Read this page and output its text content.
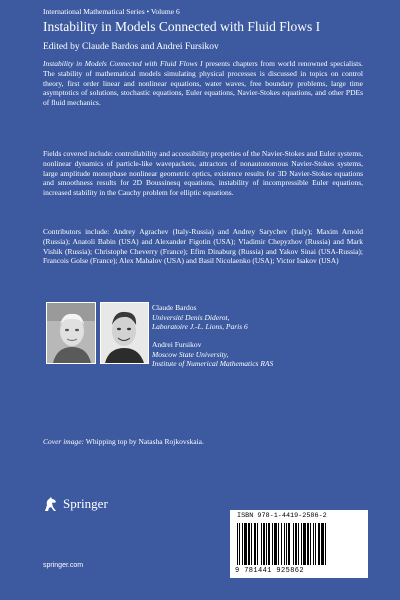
International Mathematical Series • Volume 6
Instability in Models Connected with Fluid Flows I
Edited by Claude Bardos and Andrei Fursikov

Instability in Models Connected with Fluid Flows I presents chapters from world renowned specialists. The stability of mathematical models simulating physical processes is discussed in topics on control theory, first order linear and nonlinear equations, water waves, free boundary problems, large time asymptotics of solutions, stochastic equations, Euler equations, Navier-Stokes equations, and other PDEs of fluid mechanics.

Fields covered include: controllability and accessibility properties of the Navier-Stokes and Euler systems, nonlinear dynamics of particle-like wavepackets, attractors of nonautonomous Navier-Stokes systems, large amplitude monophase nonlinear geometric optics, existence results for 3D Navier-Stokes equations and smoothness results for 2D Boussinesq equations, instability of incompressible Euler equations, increased stability in the Cauchy problem for elliptic equations.

Contributors include: Andrey Agrachev (Italy-Russia) and Andrey Sarychev (Italy); Maxim Arnold (Russia); Anatoli Babin (USA) and Alexander Figotin (USA); Vladimir Chepyzhov (Russia) and Mark Vishik (Russia); Christophe Cheverry (France); Efim Dinaburg (Russia) and Yakov Sinai (USA-Russia); Francois Golse (France); Alex Mahalov (USA) and Basil Nicolaenko (USA); Victor Isakov (USA)

Claude Bardos
Université Denis Diderot,
Laboratoire J.-L. Lions, Paris 6
Andrei Fursikov
Moscow State University,
Institute of Numerical Mathematics RAS
Cover image: Whipping top by Natasha Rojkovskaia.
Springer
springer.com
ISBN 978-1-4419-2586-2
9 781441 925862
